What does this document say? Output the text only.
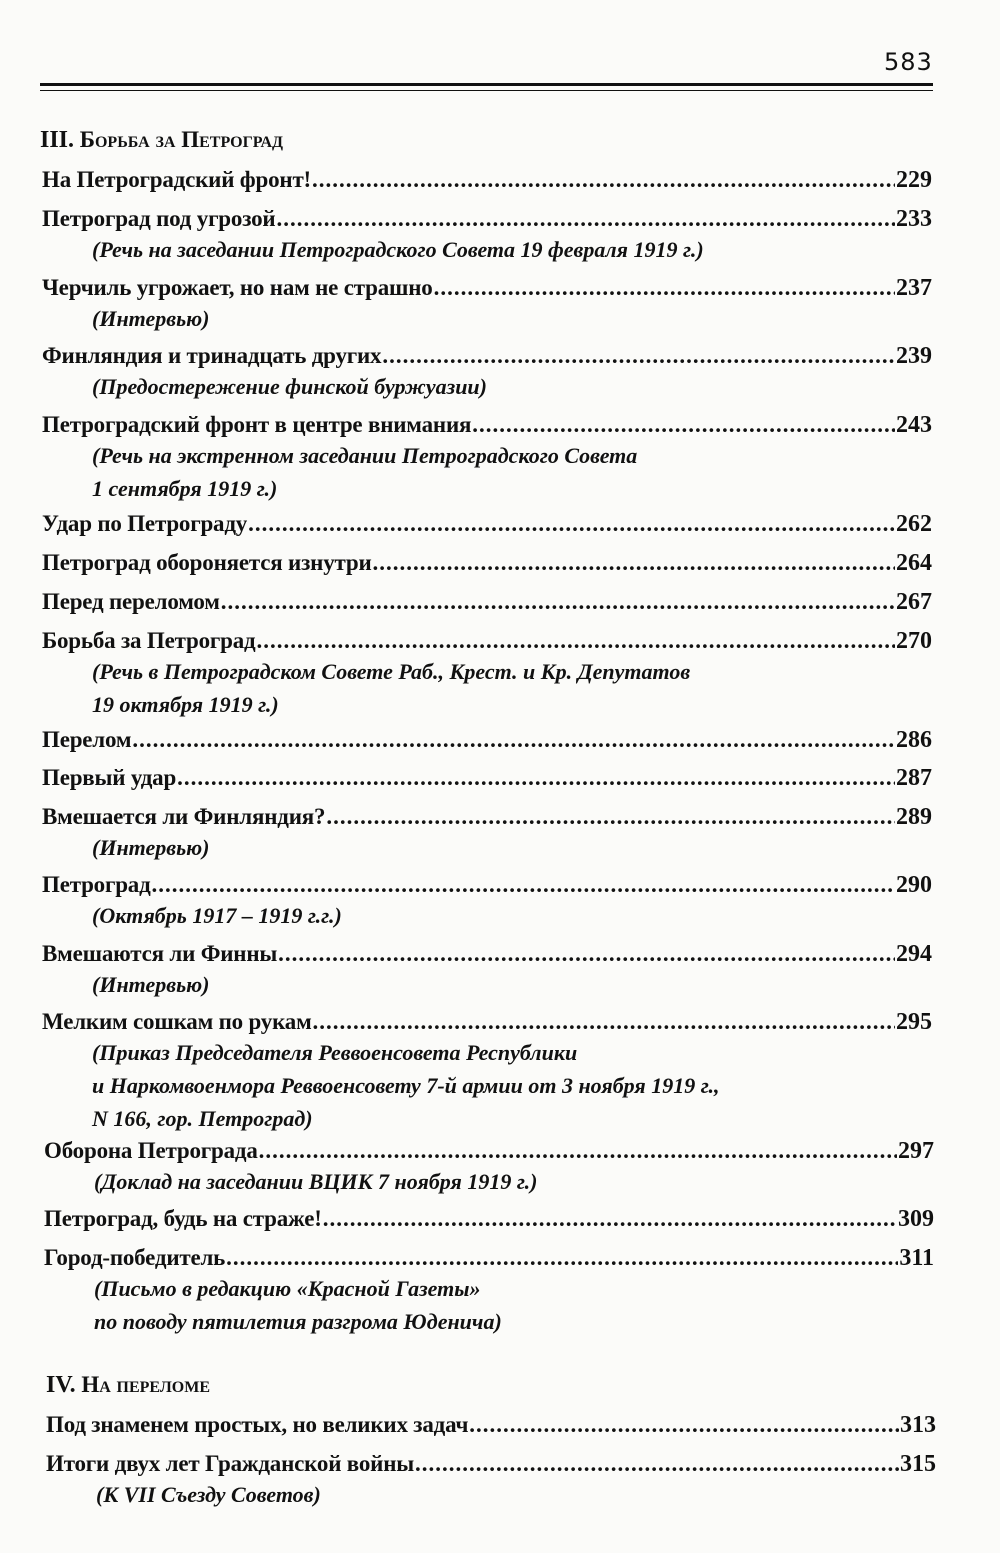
583
III. Борьба за Петроград
На Петроградский фронт! .....	229
Петроград под угрозой .....	233
(Речь на заседании Петроградского Совета 19 февраля 1919 г.)
Черчиль угрожает, но нам не страшно .....	237
(Интервью)
Финляндия и тринадцать других .....	239
(Предостережение финской буржуазии)
Петроградский фронт в центре внимания .....	243
(Речь на экстренном заседании Петроградского Совета
1 сентября 1919 г.)
Удар по Петрограду .....	262
Петроград обороняется изнутри .....	264
Перед переломом .....	267
Борьба за Петроград .....	270
(Речь в Петроградском Совете Раб., Крест. и Кр. Депутатов
19 октября 1919 г.)
Перелом .....	286
Первый удар .....	287
Вмешается ли Финляндия? .....	289
(Интервью)
Петроград .....	290
(Октябрь 1917 – 1919 г.г.)
Вмешаются ли Финны .....	294
(Интервью)
Мелким сошкам по рукам .....	295
(Приказ Председателя Реввоенсовета Республики
и Наркомвоенмора Реввоенсовету 7-й армии от 3 ноября 1919 г.,
N 166, гор. Петроград)
Оборона Петрограда .....	297
(Доклад на заседании ВЦИК 7 ноября 1919 г.)
Петроград, будь на страже! .....	309
Город-победитель .....	311
(Письмо в редакцию «Красной Газеты»
по поводу пятилетия разгрома Юденича)
IV. На переломе
Под знаменем простых, но великих задач .....	313
Итоги двух лет Гражданской войны .....	315
(К VII Съезду Советов)
